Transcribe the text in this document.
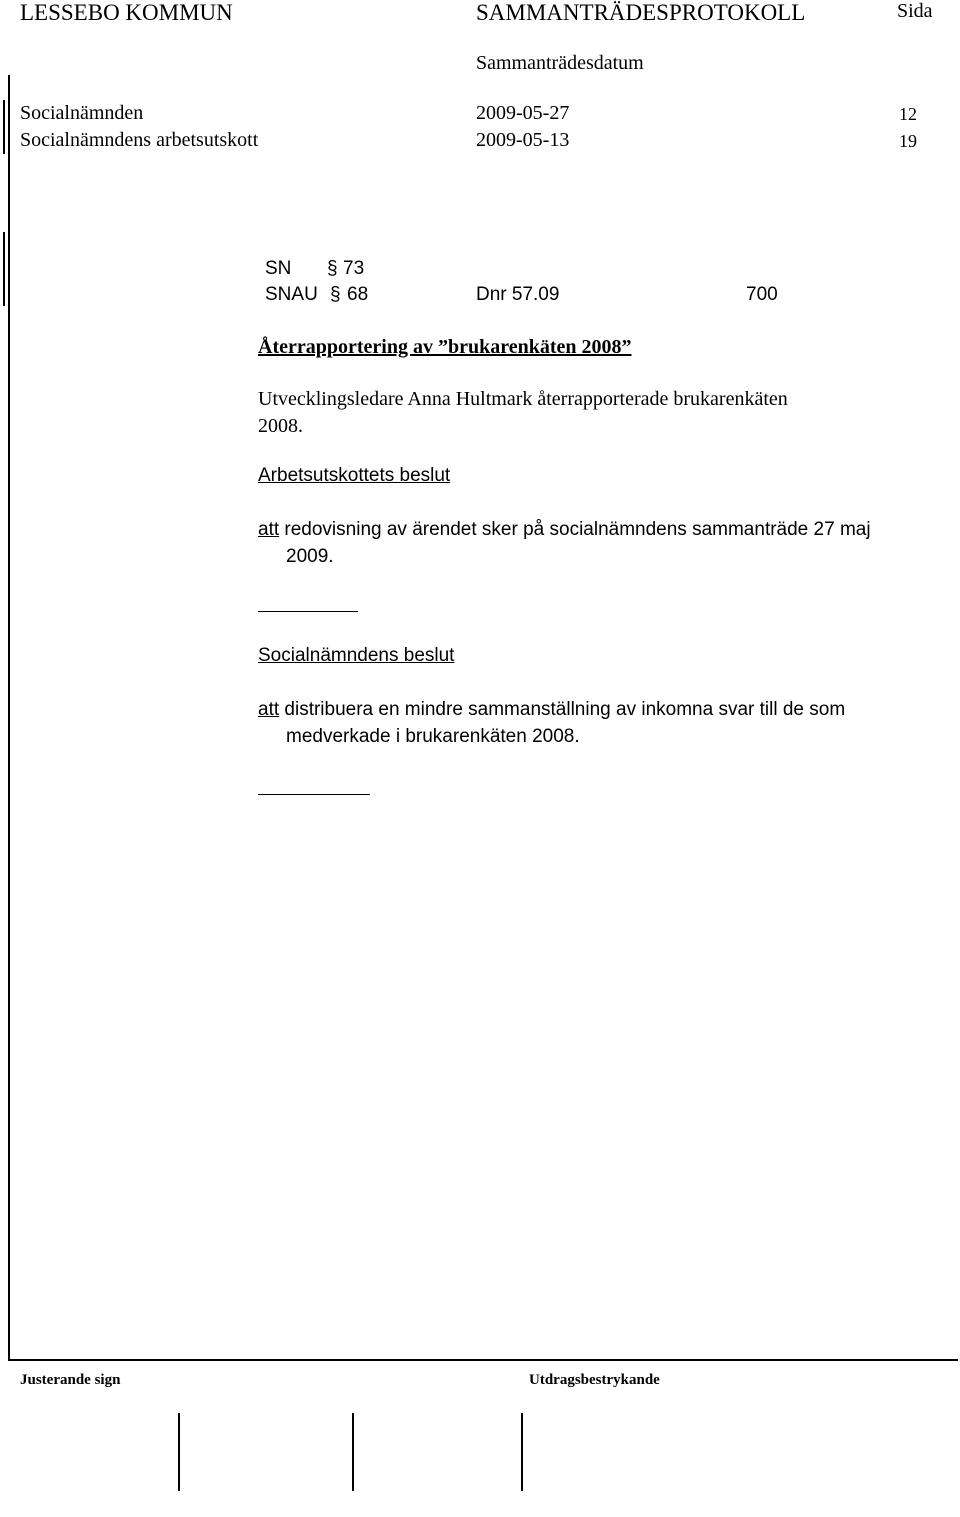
LESSEBO KOMMUN	SAMMANTRÄDESPROTOKOLL	Sida
Sammanträdesdatum
Socialnämnden	2009-05-27	12
Socialnämndens arbetsutskott	2009-05-13	19
SN § 73
SNAU § 68	Dnr 57.09	700
Återrapportering av ”brukarenkäten 2008”
Utvecklingsledare Anna Hultmark återrapporterade brukarenkäten
2008.
Arbetsutskottets beslut
att redovisning av ärendet sker på socialnämndens sammanträde 27 maj
2009.
Socialnämndens beslut
att distribuera en mindre sammanställning av inkomna svar till de som
medverkade i brukarenkäten 2008.
Justerande sign	Utdragsbestrykande
